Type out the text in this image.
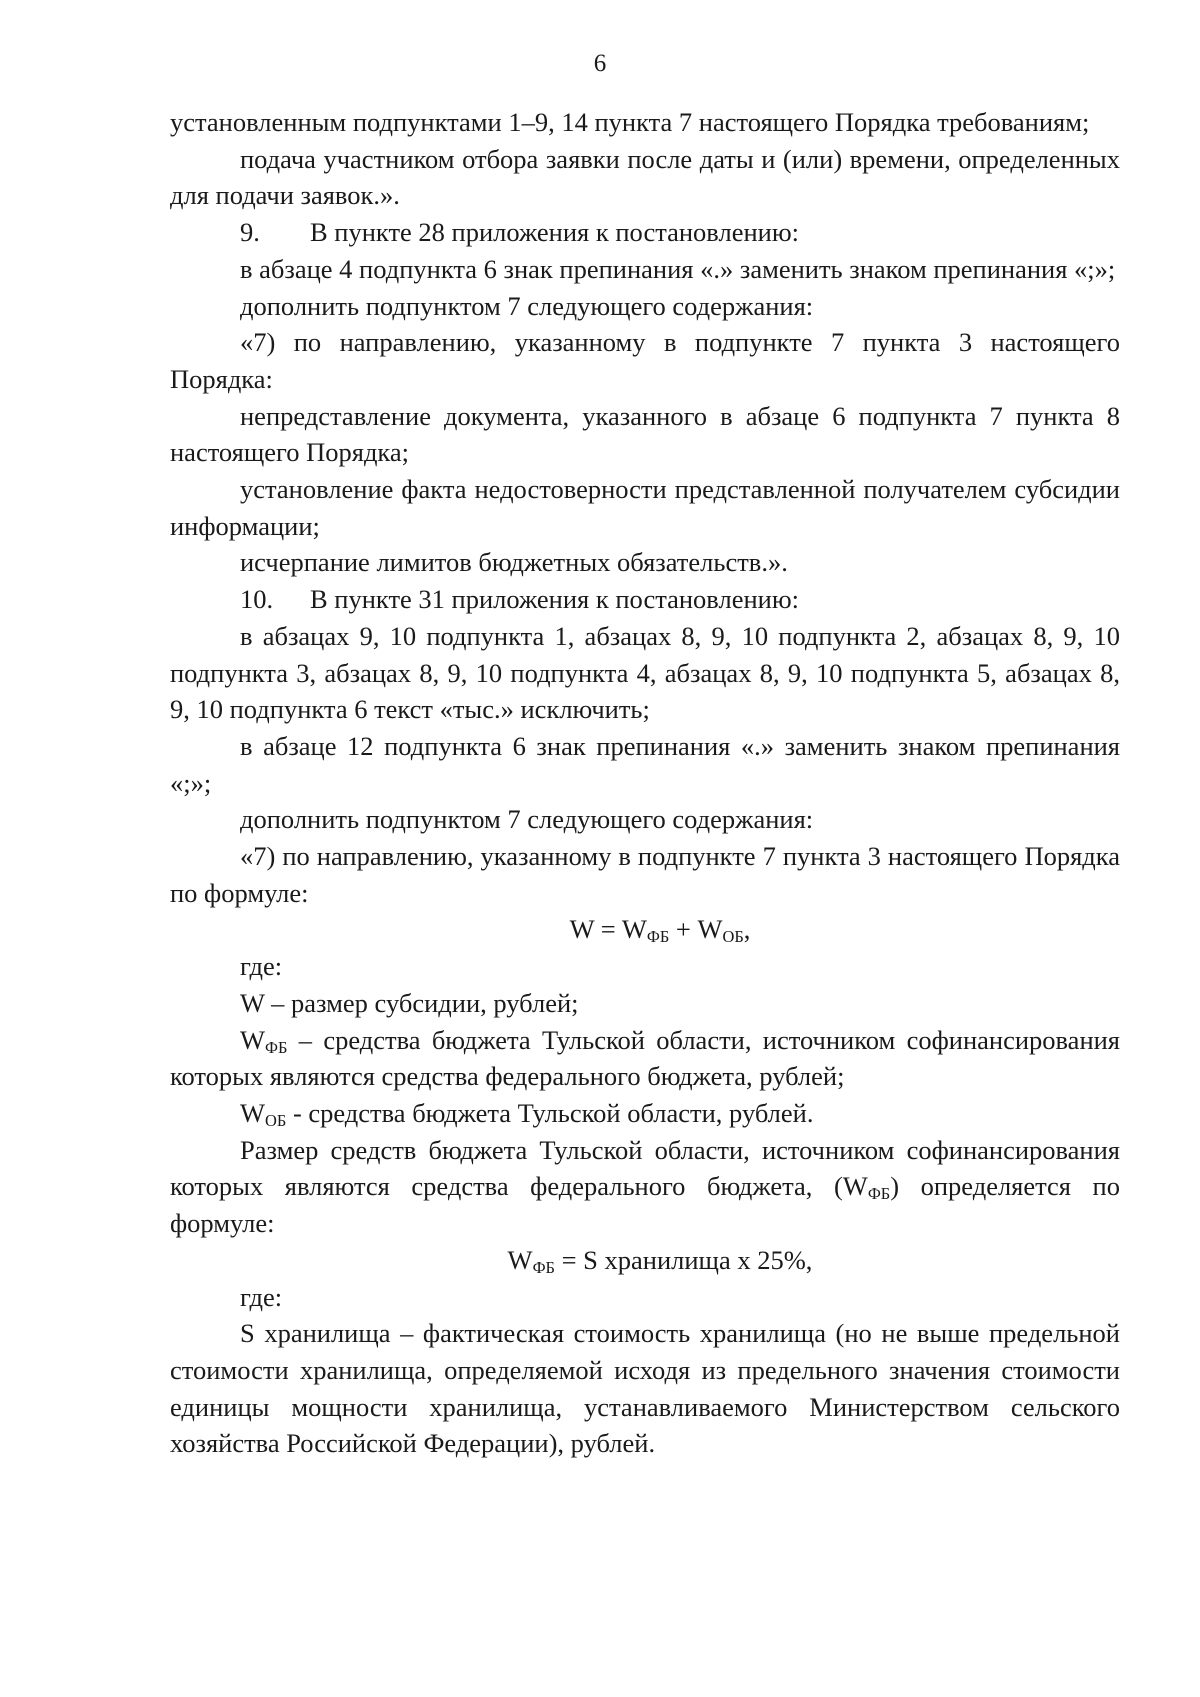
6

установленным подпунктами 1–9, 14 пункта 7 настоящего Порядка требованиям;

подача участником отбора заявки после даты и (или) времени, определенных для подачи заявок.».

9. В пункте 28 приложения к постановлению:

в абзаце 4 подпункта 6 знак препинания «.» заменить знаком препинания «;»;

дополнить подпунктом 7 следующего содержания:

«7) по направлению, указанному в подпункте 7 пункта 3 настоящего Порядка:

непредставление документа, указанного в абзаце 6 подпункта 7 пункта 8 настоящего Порядка;

установление факта недостоверности представленной получателем субсидии информации;

исчерпание лимитов бюджетных обязательств.».

10. В пункте 31 приложения к постановлению:

в абзацах 9, 10 подпункта 1, абзацах 8, 9, 10 подпункта 2, абзацах 8, 9, 10 подпункта 3, абзацах 8, 9, 10 подпункта 4, абзацах 8, 9, 10 подпункта 5, абзацах 8, 9, 10 подпункта 6 текст «тыс.» исключить;

в абзаце 12 подпункта 6 знак препинания «.» заменить знаком препинания «;»;

дополнить подпунктом 7 следующего содержания:

«7) по направлению, указанному в подпункте 7 пункта 3 настоящего Порядка по формуле:

$W = W_{ФБ} + W_{ОБ}$,

где:

W – размер субсидии, рублей;

$W_{ФБ}$ – средства бюджета Тульской области, источником софинансирования которых являются средства федерального бюджета, рублей;

$W_{ОБ}$ - средства бюджета Тульской области, рублей.

Размер средств бюджета Тульской области, источником софинансирования которых являются средства федерального бюджета, $(W_{ФБ})$ определяется по формуле:

$W_{ФБ} = S$ хранилища х 25%,

где:

S хранилища – фактическая стоимость хранилища (но не выше предельной стоимости хранилища, определяемой исходя из предельного значения стоимости единицы мощности хранилища, устанавливаемого Министерством сельского хозяйства Российской Федерации), рублей.
